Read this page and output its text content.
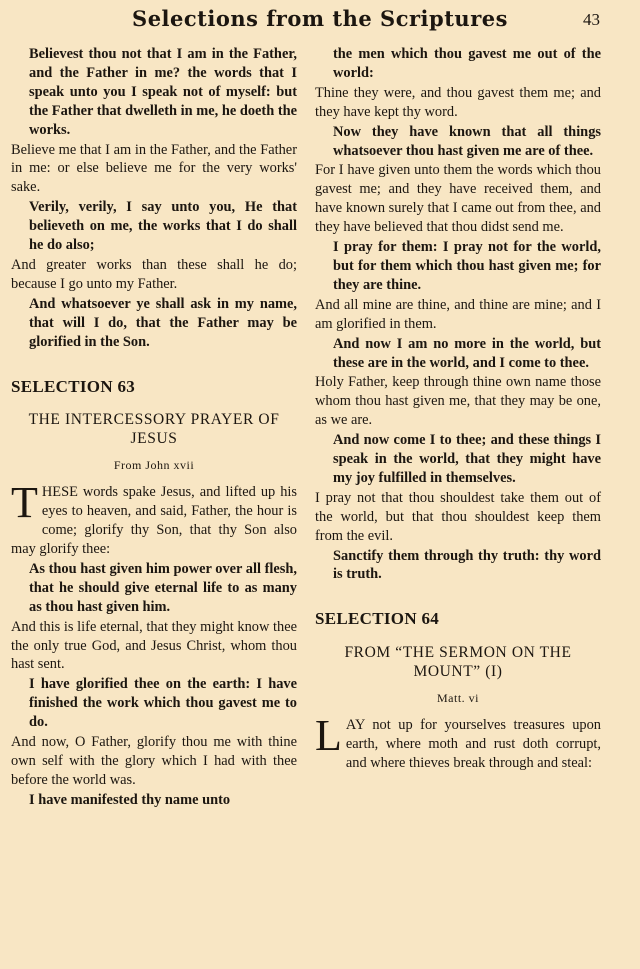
Selections from the Scriptures	43

Believest thou not that I am in the Father, and the Father in me? the words that I speak unto you I speak not of myself: but the Father that dwelleth in me, he doeth the works.

Believe me that I am in the Father, and the Father in me: or else believe me for the very works' sake.

Verily, verily, I say unto you, He that believeth on me, the works that I do shall he do also;

And greater works than these shall he do; because I go unto my Father.

And whatsoever ye shall ask in my name, that will I do, that the Father may be glorified in the Son.

SELECTION 63

THE INTERCESSORY PRAYER OF JESUS

From John xvii

THESE words spake Jesus, and lifted up his eyes to heaven, and said, Father, the hour is come; glorify thy Son, that thy Son also may glorify thee:

As thou hast given him power over all flesh, that he should give eternal life to as many as thou hast given him.

And this is life eternal, that they might know thee the only true God, and Jesus Christ, whom thou hast sent.

I have glorified thee on the earth: I have finished the work which thou gavest me to do.

And now, O Father, glorify thou me with thine own self with the glory which I had with thee before the world was.

I have manifested thy name unto

the men which thou gavest me out of the world:

Thine they were, and thou gavest them me; and they have kept thy word.

Now they have known that all things whatsoever thou hast given me are of thee.

For I have given unto them the words which thou gavest me; and they have received them, and have known surely that I came out from thee, and they have believed that thou didst send me.

I pray for them: I pray not for the world, but for them which thou hast given me; for they are thine.

And all mine are thine, and thine are mine; and I am glorified in them.

And now I am no more in the world, but these are in the world, and I come to thee.

Holy Father, keep through thine own name those whom thou hast given me, that they may be one, as we are.

And now come I to thee; and these things I speak in the world, that they might have my joy fulfilled in themselves.

I pray not that thou shouldest take them out of the world, but that thou shouldest keep them from the evil.

Sanctify them through thy truth: thy word is truth.

SELECTION 64

FROM “THE SERMON ON THE MOUNT” (I)

Matt. vi

LAY not up for yourselves treasures upon earth, where moth and rust doth corrupt, and where thieves break through and steal:
